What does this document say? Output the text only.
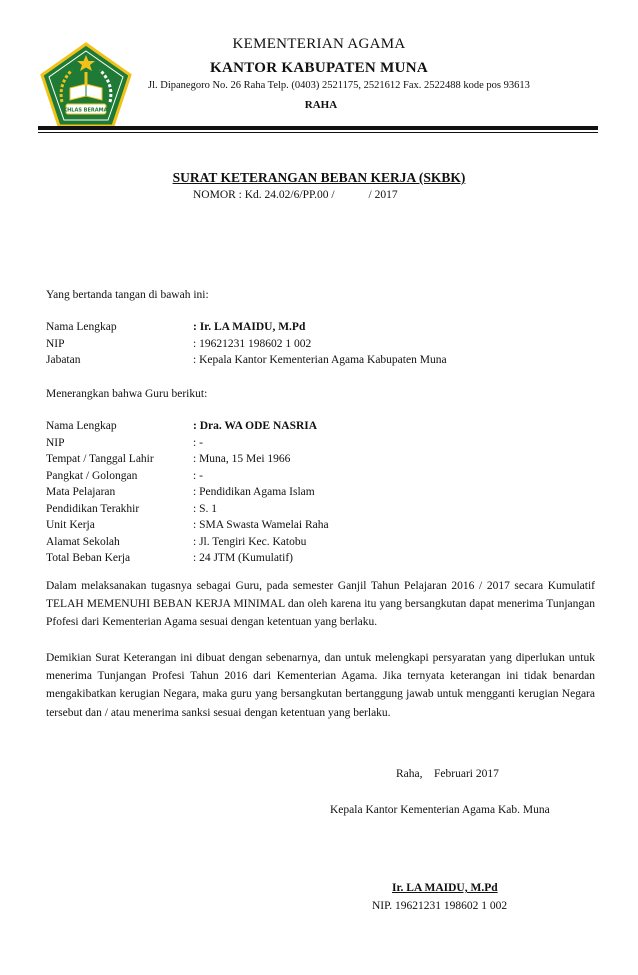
IKHLAS BERAMAL
KEMENTERIAN AGAMA
KANTOR KABUPATEN MUNA
Jl. Dipanegoro No. 26 Raha Telp. (0403) 2521175, 2521612 Fax. 2522488 kode pos 93613
RAHA
SURAT KETERANGAN BEBAN KERJA (SKBK)
NOMOR : Kd. 24.02/6/PP.00 /	/ 2017
Yang bertanda tangan di bawah ini:
Nama Lengkap	: Ir. LA MAIDU, M.Pd
NIP	: 19621231 198602 1 002
Jabatan	: Kepala Kantor Kementerian Agama Kabupaten Muna
Menerangkan bahwa Guru berikut:
Nama Lengkap	: Dra. WA ODE NASRIA
NIP	: -
Tempat / Tanggal Lahir	: Muna, 15 Mei 1966
Pangkat / Golongan	: -
Mata Pelajaran	: Pendidikan Agama Islam
Pendidikan Terakhir	: S. 1
Unit Kerja	: SMA Swasta Wamelai Raha
Alamat Sekolah	: Jl. Tengiri Kec. Katobu
Total Beban Kerja	: 24 JTM (Kumulatif)
Dalam melaksanakan tugasnya sebagai Guru, pada semester Ganjil Tahun Pelajaran 2016 / 2017 secara Kumulatif TELAH MEMENUHI BEBAN KERJA MINIMAL dan oleh karena itu yang bersangkutan dapat menerima Tunjangan Pfofesi dari Kementerian Agama sesuai dengan ketentuan yang berlaku.
Demikian Surat Keterangan ini dibuat dengan sebenarnya, dan untuk melengkapi persyaratan yang diperlukan untuk menerima Tunjangan Profesi Tahun 2016 dari Kementerian Agama. Jika ternyata keterangan ini tidak benardan mengakibatkan kerugian Negara, maka guru yang bersangkutan bertanggung jawab untuk mengganti kerugian Negara tersebut dan / atau menerima sanksi sesuai dengan ketentuan yang berlaku.
Raha,    Februari 2017
Kepala Kantor Kementerian Agama Kab. Muna
Ir. LA MAIDU, M.Pd
NIP. 19621231 198602 1 002
